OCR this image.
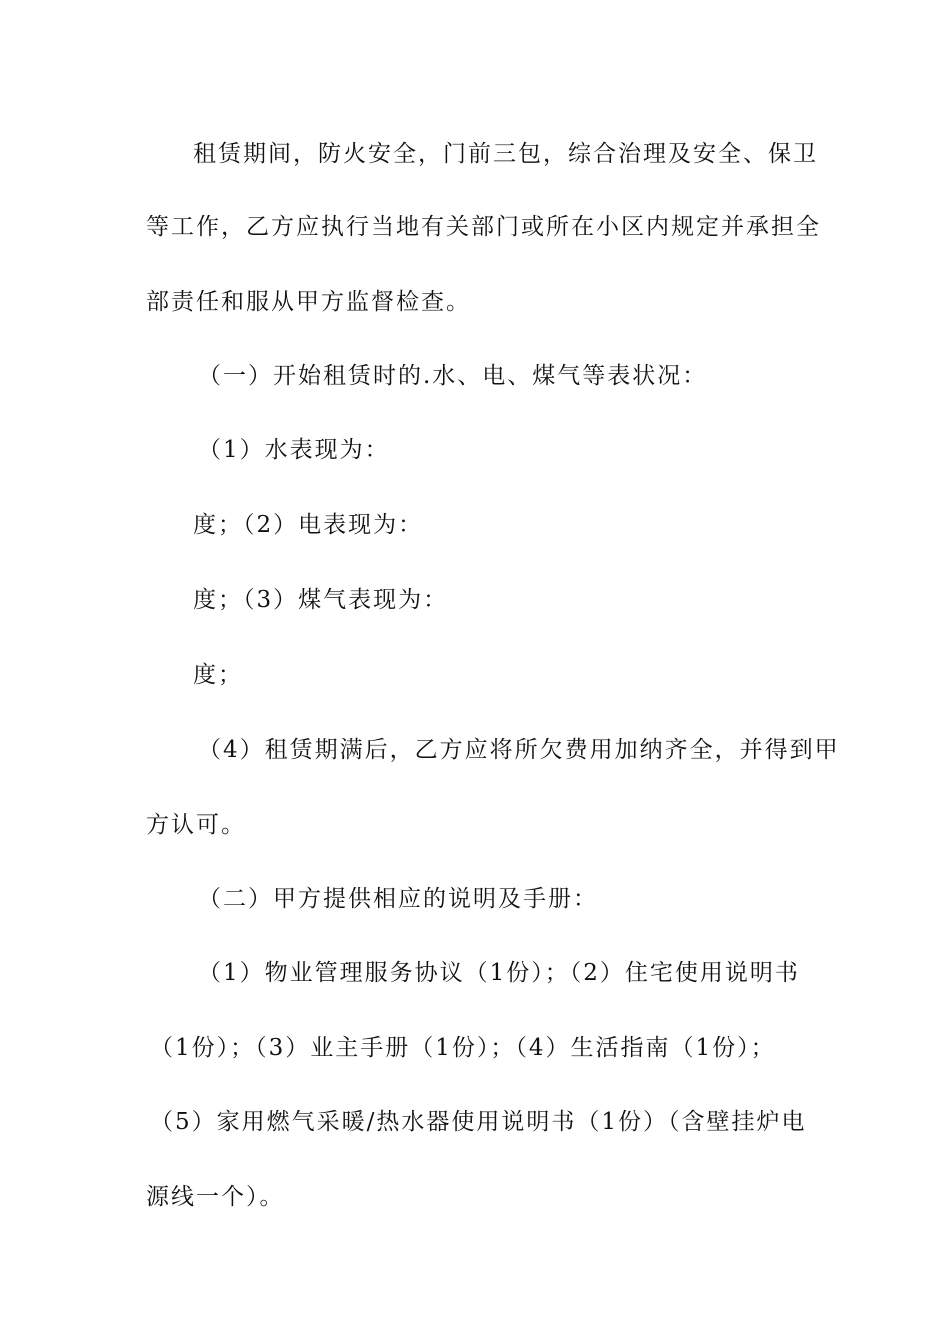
租赁期间，防火安全，门前三包，综合治理及安全、保卫
等工作，乙方应执行当地有关部门或所在小区内规定并承担全
部责任和服从甲方监督检查。
（一）开始租赁时的.水、电、煤气等表状况：
（1）水表现为：
度；（2）电表现为：
度；（3）煤气表现为：
度；
（4）租赁期满后，乙方应将所欠费用加纳齐全，并得到甲
方认可。
（二）甲方提供相应的说明及手册：
（1）物业管理服务协议（1份）；（2）住宅使用说明书
（1份）；（3）业主手册（1份）；（4）生活指南（1份）；
（5）家用燃气采暖/热水器使用说明书（1份）（含壁挂炉电
源线一个）。
